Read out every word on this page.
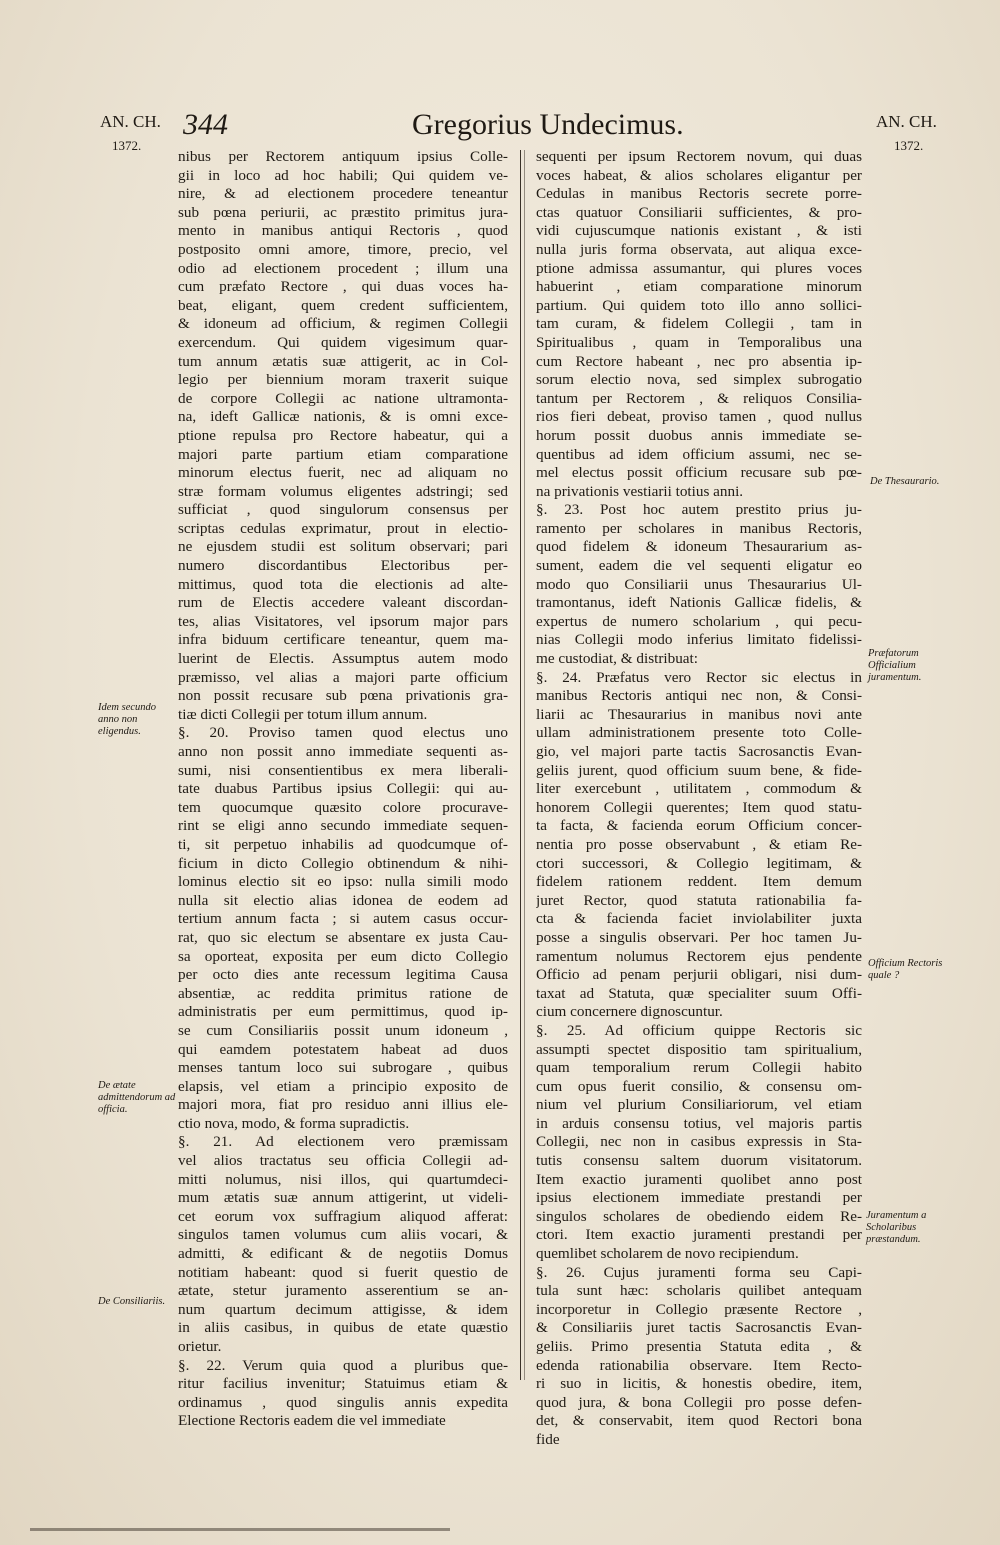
AN. CH.
1372.
344	Gregorius Undecimus.	AN. CH.
1372.
nibus per Rectorem antiquum ipsius Colle-
gii in loco ad hoc habili; Qui quidem ve-
nire, & ad electionem procedere teneantur
sub pœna periurii, ac præstito primitus jura-
mento in manibus antiqui Rectoris , quod
postposito omni amore, timore, precio, vel
odio ad electionem procedent ; illum una
cum præfato Rectore , qui duas voces ha-
beat, eligant, quem credent sufficientem,
& idoneum ad officium, & regimen Collegii
exercendum. Qui quidem vigesimum quar-
tum annum ætatis suæ attigerit, ac in Col-
legio per biennium moram traxerit suique
de corpore Collegii ac natione ultramonta-
na, ideft Gallicæ nationis, & is omni exce-
ptione repulsa pro Rectore habeatur, qui a
majori parte partium etiam comparatione
minorum electus fuerit, nec ad aliquam no
stræ formam volumus eligentes adstringi; sed
sufficiat , quod singulorum consensus per
scriptas cedulas exprimatur, prout in electio-
ne ejusdem studii est solitum observari; pari
numero discordantibus Electoribus per-
mittimus, quod tota die electionis ad alte-
rum de Electis accedere valeant discordan-
tes, alias Visitatores, vel ipsorum major pars
infra biduum certificare teneantur, quem ma-
luerint de Electis. Assumptus autem modo
præmisso, vel alias a majori parte officium
non possit recusare sub pœna privationis gra-
tiæ dicti Collegii per totum illum annum.
§. 20. Proviso tamen quod electus uno
anno non possit anno immediate sequenti as-
sumi, nisi consentientibus ex mera liberali-
tate duabus Partibus ipsius Collegii: qui au-
tem quocumque quæsito colore procurave-
rint se eligi anno secundo immediate sequen-
ti, sit perpetuo inhabilis ad quodcumque of-
ficium in dicto Collegio obtinendum & nihi-
lominus electio sit eo ipso: nulla simili modo
nulla sit electio alias idonea de eodem ad
tertium annum facta ; si autem casus occur-
rat, quo sic electum se absentare ex justa Cau-
sa oporteat, exposita per eum dicto Collegio
per octo dies ante recessum legitima Causa
absentiæ, ac reddita primitus ratione de
administratis per eum permittimus, quod ip-
se cum Consiliariis possit unum idoneum ,
qui eamdem potestatem habeat ad duos
menses tantum loco sui subrogare , quibus
elapsis, vel etiam a principio exposito de
majori mora, fiat pro residuo anni illius ele-
ctio nova, modo, & forma supradictis.
§. 21. Ad electionem vero præmissam
vel alios tractatus seu officia Collegii ad-
mitti nolumus, nisi illos, qui quartumdeci-
mum ætatis suæ annum attigerint, ut videli-
cet eorum vox suffragium aliquod afferat:
singulos tamen volumus cum aliis vocari, &
admitti, & edificant & de negotiis Domus
notitiam habeant: quod si fuerit questio de
ætate, stetur juramento asserentium se an-
num quartum decimum attigisse, & idem
in aliis casibus, in quibus de etate quæstio
orietur.
§. 22. Verum quia quod a pluribus que-
ritur facilius invenitur; Statuimus etiam &
ordinamus , quod singulis annis expedita
Electione Rectoris eadem die vel immediate
sequenti per ipsum Rectorem novum, qui duas
voces habeat, & alios scholares eligantur per
Cedulas in manibus Rectoris secrete porre-
ctas quatuor Consiliarii sufficientes, & pro-
vidi cujuscumque nationis existant , & isti
nulla juris forma observata, aut aliqua exce-
ptione admissa assumantur, qui plures voces
habuerint , etiam comparatione minorum
partium. Qui quidem toto illo anno sollici-
tam curam, & fidelem Collegii , tam in
Spiritualibus , quam in Temporalibus una
cum Rectore habeant , nec pro absentia ip-
sorum electio nova, sed simplex subrogatio
tantum per Rectorem , & reliquos Consilia-
rios fieri debeat, proviso tamen , quod nullus
horum possit duobus annis immediate se-
quentibus ad idem officium assumi, nec se-
mel electus possit officium recusare sub pœ-
na privationis vestiarii totius anni.
§. 23. Post hoc autem prestito prius ju-
ramento per scholares in manibus Rectoris,
quod fidelem & idoneum Thesaurarium as-
sument, eadem die vel sequenti eligatur eo
modo quo Consiliarii unus Thesaurarius Ul-
tramontanus, ideft Nationis Gallicæ fidelis, &
expertus de numero scholarium , qui pecu-
nias Collegii modo inferius limitato fidelissi-
me custodiat, & distribuat:
§. 24. Præfatus vero Rector sic electus in
manibus Rectoris antiqui nec non, & Consi-
liarii ac Thesaurarius in manibus novi ante
ullam administrationem presente toto Colle-
gio, vel majori parte tactis Sacrosanctis Evan-
geliis jurent, quod officium suum bene, & fide-
liter exercebunt , utilitatem , commodum &
honorem Collegii querentes; Item quod statu-
ta facta, & facienda eorum Officium concer-
nentia pro posse observabunt , & etiam Re-
ctori successori, & Collegio legitimam, &
fidelem rationem reddent. Item demum
juret Rector, quod statuta rationabilia fa-
cta & facienda faciet inviolabiliter juxta
posse a singulis observari. Per hoc tamen Ju-
ramentum nolumus Rectorem ejus pendente
Officio ad penam perjurii obligari, nisi dum-
taxat ad Statuta, quæ specialiter suum Offi-
cium concernere dignoscuntur.
§. 25. Ad officium quippe Rectoris sic
assumpti spectet dispositio tam spiritualium,
quam temporalium rerum Collegii habito
cum opus fuerit consilio, & consensu om-
nium vel plurium Consiliariorum, vel etiam
in arduis consensu totius, vel majoris partis
Collegii, nec non in casibus expressis in Sta-
tutis consensu saltem duorum visitatorum.
Item exactio juramenti quolibet anno post
ipsius electionem immediate prestandi per
singulos scholares de obediendo eidem Re-
ctori. Item exactio juramenti prestandi per
quemlibet scholarem de novo recipiendum.
§. 26. Cujus juramenti forma seu Capi-
tula sunt hæc: scholaris quilibet antequam
incorporetur in Collegio præsente Rectore ,
& Consiliariis juret tactis Sacrosanctis Evan-
geliis. Primo presentia Statuta edita , &
edenda rationabilia observare. Item Recto-
ri suo in licitis, & honestis obedire, item,
quod jura, & bona Collegii pro posse defen-
det, & conservabit, item quod Rectori bona
fide
Idem secundo anno non eligendus.
De ætate admittendorum ad officia.
De Consiliariis.
De Thesaurario.
Præfatorum Officialium juramentum.
Officium Rectoris quale ?
Juramentum a Scholaribus præstandum.
